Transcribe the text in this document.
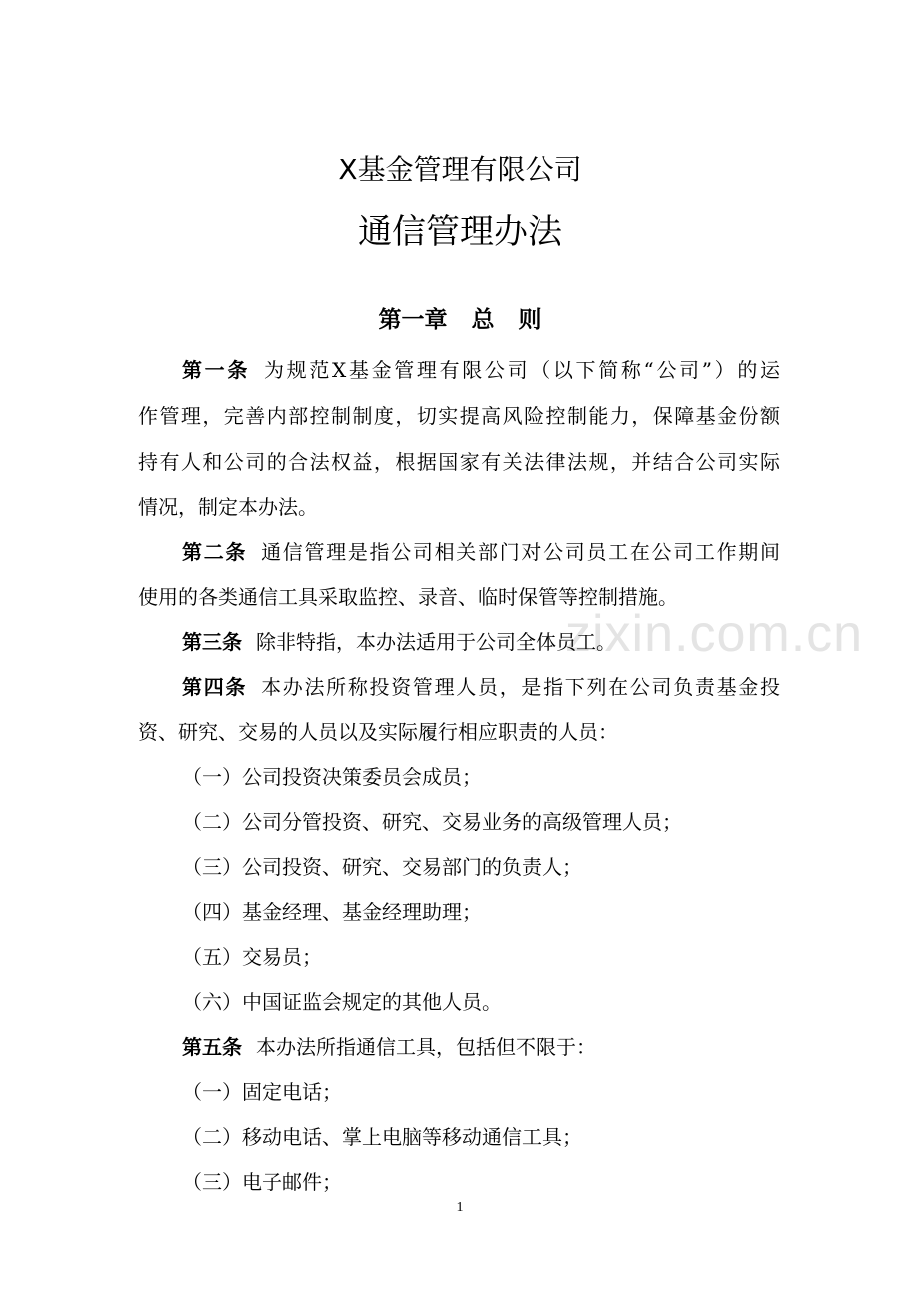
zixin.com.cn
X基金管理有限公司
通信管理办法
第一章   总   则
第一条 为规范X基金管理有限公司（以下简称“公司”）的运
作管理，完善内部控制制度，切实提高风险控制能力，保障基金份额
持有人和公司的合法权益，根据国家有关法律法规，并结合公司实际
情况，制定本办法。
第二条 通信管理是指公司相关部门对公司员工在公司工作期间
使用的各类通信工具采取监控、录音、临时保管等控制措施。
第三条 除非特指，本办法适用于公司全体员工。
第四条 本办法所称投资管理人员，是指下列在公司负责基金投
资、研究、交易的人员以及实际履行相应职责的人员：
（一）公司投资决策委员会成员；
（二）公司分管投资、研究、交易业务的高级管理人员；
（三）公司投资、研究、交易部门的负责人；
（四）基金经理、基金经理助理；
（五）交易员；
（六）中国证监会规定的其他人员。
第五条 本办法所指通信工具，包括但不限于：
（一）固定电话；
（二）移动电话、掌上电脑等移动通信工具；
（三）电子邮件；
1
